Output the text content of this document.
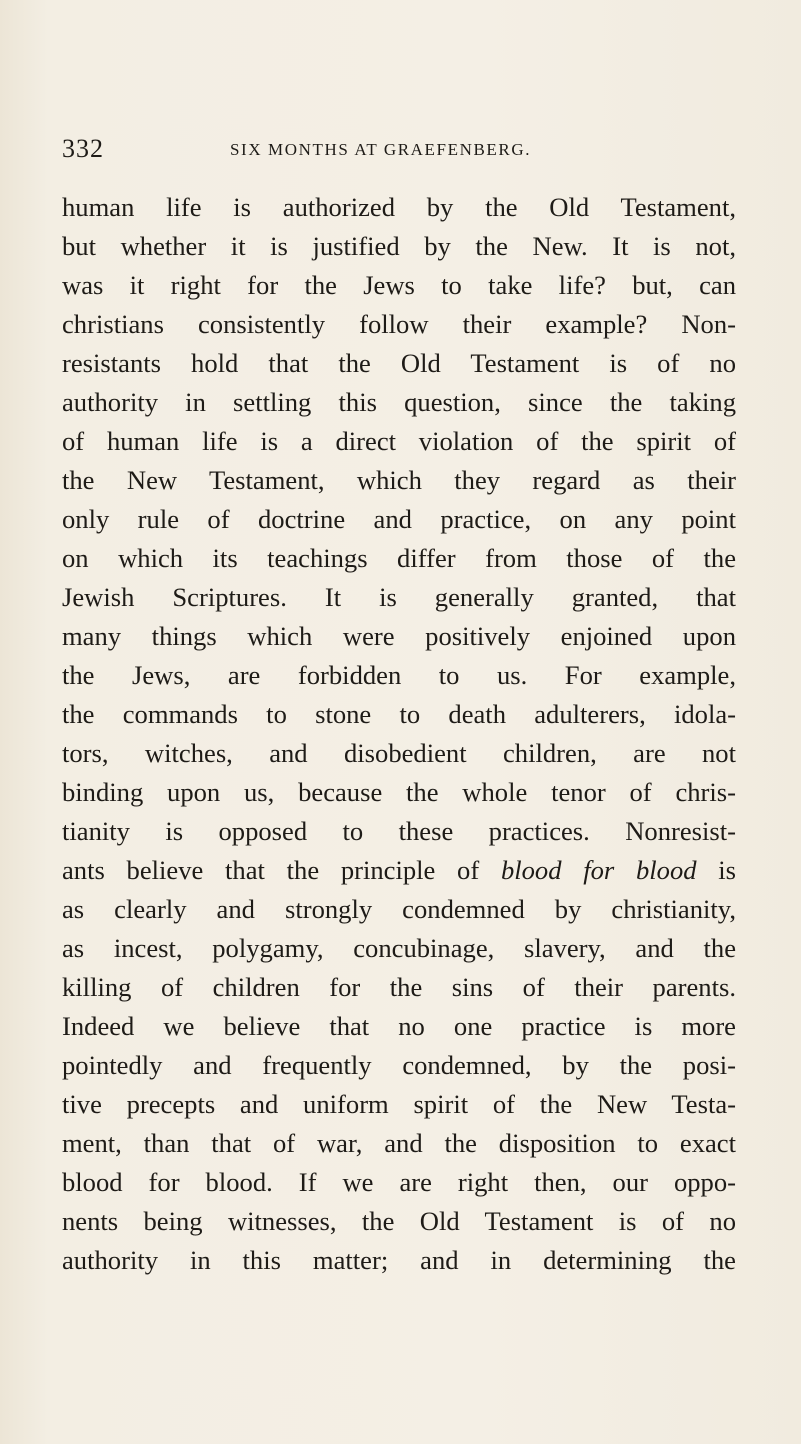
332	SIX MONTHS AT GRAEFENBERG.
human life is authorized by the Old Testament,
but whether it is justified by the New. It is not,
was it right for the Jews to take life? but, can
christians consistently follow their example? Non-
resistants hold that the Old Testament is of no
authority in settling this question, since the taking
of human life is a direct violation of the spirit of
the New Testament, which they regard as their
only rule of doctrine and practice, on any point
on which its teachings differ from those of the
Jewish Scriptures. It is generally granted, that
many things which were positively enjoined upon
the Jews, are forbidden to us. For example,
the commands to stone to death adulterers, idola-
tors, witches, and disobedient children, are not
binding upon us, because the whole tenor of chris-
tianity is opposed to these practices. Nonresist-
ants believe that the principle of blood for blood is
as clearly and strongly condemned by christianity,
as incest, polygamy, concubinage, slavery, and the
killing of children for the sins of their parents.
Indeed we believe that no one practice is more
pointedly and frequently condemned, by the posi-
tive precepts and uniform spirit of the New Testa-
ment, than that of war, and the disposition to exact
blood for blood. If we are right then, our oppo-
nents being witnesses, the Old Testament is of no
authority in this matter; and in determining the
